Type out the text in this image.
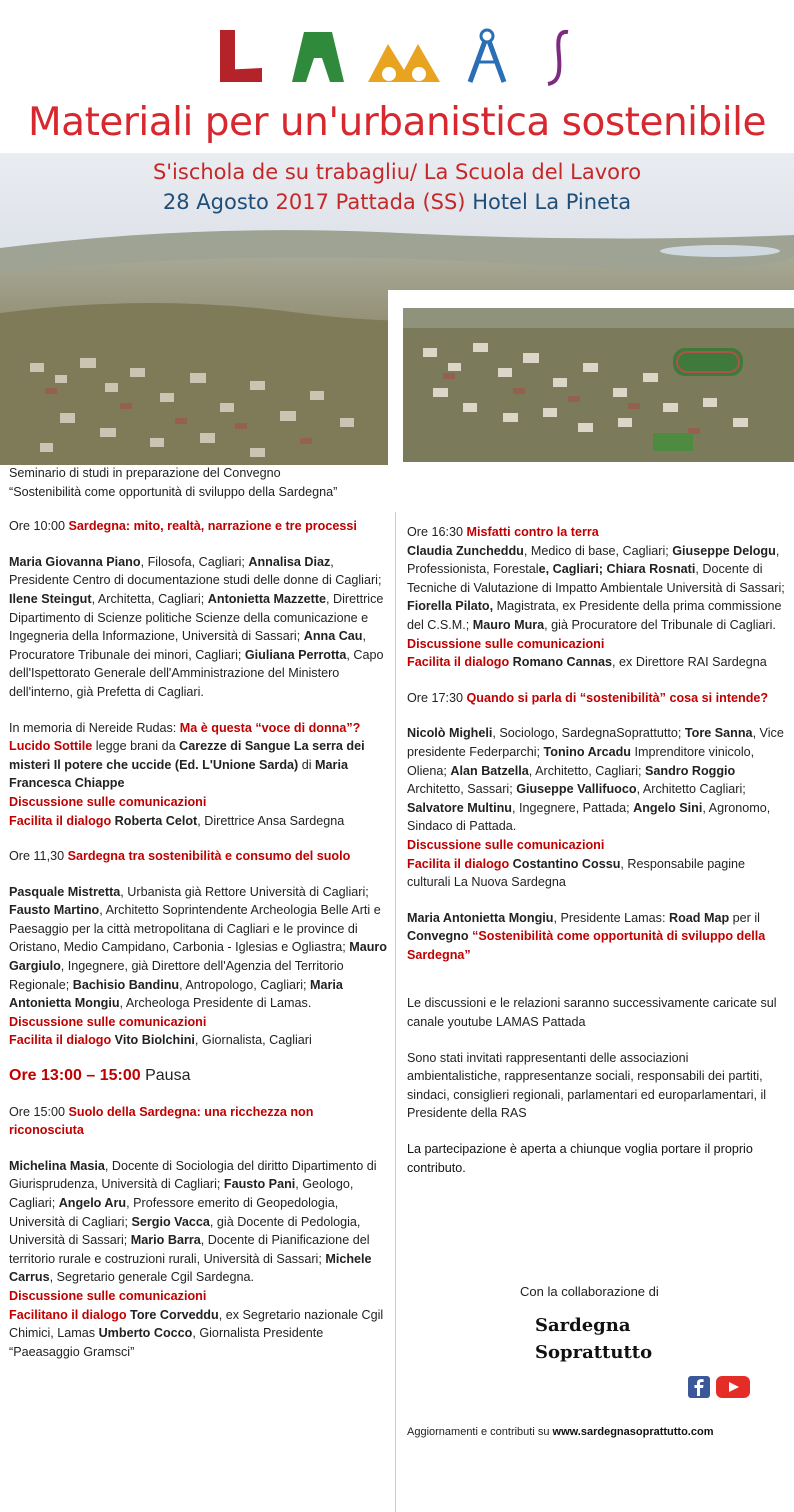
Materiali per un'urbanistica sostenibile
S'ischola de su trabagliu/ La Scuola del Lavoro
28 Agosto 2017 Pattada (SS) Hotel La Pineta

Seminario di studi in preparazione del Convegno
“Sostenibilità come opportunità di sviluppo della Sardegna”

Ore 10:00 Sardegna: mito, realtà, narrazione e tre processi

Maria Giovanna Piano, Filosofa, Cagliari; Annalisa Diaz, Presidente Centro di documentazione studi delle donne di Cagliari; Ilene Steingut, Architetta, Cagliari; Antonietta Mazzette, Direttrice Dipartimento di Scienze politiche Scienze della comunicazione e Ingegneria della Informazione, Università di Sassari; Anna Cau, Procuratore Tribunale dei minori, Cagliari; Giuliana Perrotta, Capo dell'Ispettorato Generale dell'Amministrazione del Ministero dell'interno, già Prefetta di Cagliari.

In memoria di Nereide Rudas: Ma è questa “voce di donna”? Lucido Sottile legge brani da Carezze di Sangue La serra dei misteri Il potere che uccide (Ed. L'Unione Sarda) di Maria Francesca Chiappe
Discussione sulle comunicazioni
Facilita il dialogo Roberta Celot, Direttrice Ansa Sardegna

Ore 11,30 Sardegna tra sostenibilità e consumo del suolo

Pasquale Mistretta, Urbanista già Rettore Università di Cagliari; Fausto Martino, Architetto Soprintendente Archeologia Belle Arti e Paesaggio per la città metropolitana di Cagliari e le province di Oristano, Medio Campidano, Carbonia - Iglesias e Ogliastra; Mauro Gargiulo, Ingegnere, già Direttore dell'Agenzia del Territorio Regionale; Bachisio Bandinu, Antropologo, Cagliari; Maria Antonietta Mongiu, Archeologa Presidente di Lamas.
Discussione sulle comunicazioni
Facilita il dialogo Vito Biolchini, Giornalista, Cagliari

Ore 13:00 – 15:00 Pausa

Ore 15:00 Suolo della Sardegna: una ricchezza non riconosciuta

Michelina Masia, Docente di Sociologia del diritto Dipartimento di Giurisprudenza, Università di Cagliari; Fausto Pani, Geologo, Cagliari; Angelo Aru, Professore emerito di Geopedologia, Università di Cagliari; Sergio Vacca, già Docente di Pedologia, Università di Sassari; Mario Barra, Docente di Pianificazione del territorio rurale e costruzioni rurali, Università di Sassari; Michele Carrus, Segretario generale Cgil Sardegna.
Discussione sulle comunicazioni
Facilitano il dialogo Tore Corveddu, ex Segretario nazionale Cgil Chimici, Lamas Umberto Cocco, Giornalista Presidente “Paeasaggio Gramsci”

Ore 16:30 Misfatti contro la terra

Claudia Zuncheddu, Medico di base, Cagliari; Giuseppe Delogu, Professionista, Forestale, Cagliari; Chiara Rosnati, Docente di Tecniche di Valutazione di Impatto Ambientale Università di Sassari; Fiorella Pilato, Magistrata, ex Presidente della prima commissione del C.S.M.; Mauro Mura, già Procuratore del Tribunale di Cagliari.
Discussione sulle comunicazioni
Facilita il dialogo Romano Cannas, ex Direttore RAI Sardegna

Ore 17:30 Quando si parla di “sostenibilità” cosa si intende?

Nicolò Migheli, Sociologo, SardegnaSoprattutto; Tore Sanna, Vice presidente Federparchi; Tonino Arcadu Imprenditore vinicolo, Oliena; Alan Batzella, Architetto, Cagliari; Sandro Roggio Architetto, Sassari; Giuseppe Vallifuoco, Architetto Cagliari; Salvatore Multinu, Ingegnere, Pattada; Angelo Sini, Agronomo, Sindaco di Pattada.
Discussione sulle comunicazioni
Facilita il dialogo Costantino Cossu, Responsabile pagine culturali La Nuova Sardegna

Maria Antonietta Mongiu, Presidente Lamas: Road Map per il Convegno “Sostenibilità come opportunità di sviluppo della Sardegna”

Le discussioni e le relazioni saranno successivamente caricate sul canale youtube LAMAS Pattada

Sono stati invitati rappresentanti delle associazioni ambientalistiche, rappresentanze sociali, responsabili dei partiti, sindaci, consiglieri regionali, parlamentari ed europarlamentari, il Presidente della RAS

La partecipazione è aperta a chiunque voglia portare il proprio contributo.

Con la collaborazione di
Sardegna
Soprattutto

Aggiornamenti e contributi su www.sardegnasoprattutto.com
